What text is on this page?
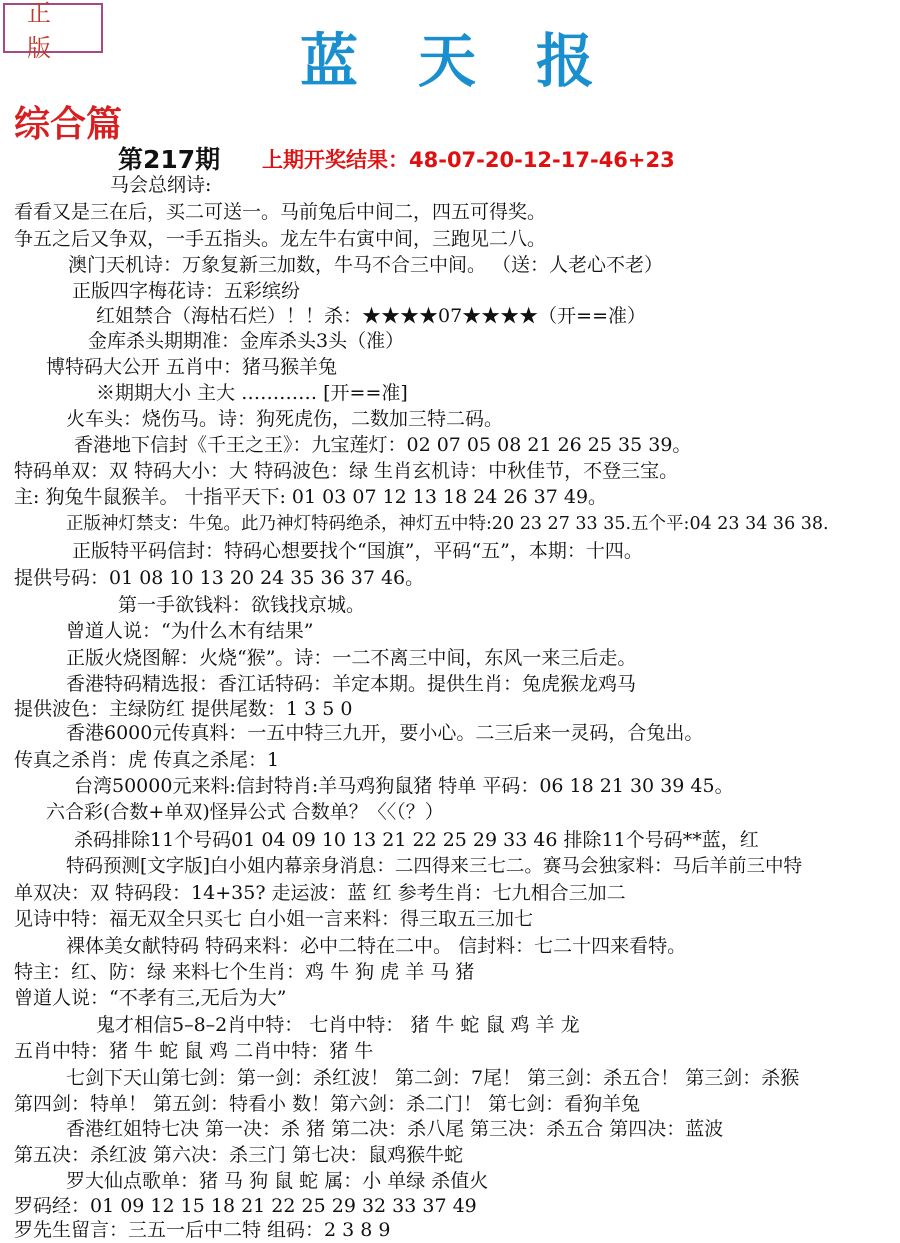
正版	蓝天报
综合篇
第217期 上期开奖结果：48-07-20-12-17-46+23
马会总纲诗:
看看又是三在后，买二可送一。马前兔后中间二，四五可得奖。
争五之后又争双，一手五指头。龙左牛右寅中间，三跑见二八。
澳门天机诗：万象复新三加数，牛马不合三中间。 （送：人老心不老）
正版四字梅花诗：五彩缤纷
红姐禁合（海枯石烂）！！杀：★★★★07★★★★（开==准）
金库杀头期期准：金库杀头3头（准）
博特码大公开 五肖中：猪马猴羊兔
※期期大小 主大 ………… [开==准]
火车头：烧伤马。诗：狗死虎伤，二数加三特二码。
香港地下信封《千王之王》：九宝莲灯：02 07 05 08 21 26 25 35 39。
特码单双：双 特码大小：大 特码波色：绿 生肖玄机诗：中秋佳节，不登三宝。
主: 狗兔牛鼠猴羊。 十指平天下: 01 03 07 12 13 18 24 26 37 49。
正版神灯禁支：牛兔。此乃神灯特码绝杀，神灯五中特:20 23 27 33 35.五个平:04 23 34 36 38.
正版特平码信封：特码心想要找个“国旗”，平码“五”，本期：十四。
提供号码：01 08 10 13 20 24 35 36 37 46。
第一手欲钱料：欲钱找京城。
曾道人说：“为什么木有结果”
正版火烧图解：火烧“猴”。诗：一二不离三中间，东风一来三后走。
香港特码精选报：香江话特码：羊定本期。提供生肖：兔虎猴龙鸡马
提供波色：主绿防红 提供尾数：1 3 5 0
香港6000元传真料：一五中特三九开，要小心。二三后来一灵码，合兔出。
传真之杀肖：虎 传真之杀尾：1
台湾50000元来料:信封特肖:羊马鸡狗鼠猪 特单 平码：06 18 21 30 39 45。
六合彩(合数+单双)怪异公式 合数单？〈〈（？）
杀码排除11个号码01 04 09 10 13 21 22 25 29 33 46 排除11个号码**蓝，红
特码预测[文字版]白小姐内幕亲身消息：二四得来三七二。赛马会独家料：马后羊前三中特
单双决：双 特码段：14+35? 走运波：蓝 红 参考生肖：七九相合三加二
见诗中特：福无双全只买七 白小姐一言来料：得三取五三加七
裸体美女献特码 特码来料：必中二特在二中。 信封料：七二十四来看特。
特主：红、防：绿 来料七个生肖：鸡 牛 狗 虎 羊 马 猪
曾道人说：“不孝有三,无后为大”
鬼才相信5–8–2肖中特： 七肖中特： 猪 牛 蛇 鼠 鸡 羊 龙
五肖中特：猪 牛 蛇 鼠 鸡 二肖中特：猪 牛
七剑下天山第七剑：第一剑：杀红波！ 第二剑：7尾！ 第三剑：杀五合！ 第三剑：杀猴
第四剑：特单！ 第五剑：特看小 数！第六剑：杀二门！ 第七剑：看狗羊兔
香港红姐特七决 第一决：杀 猪 第二决：杀八尾 第三决：杀五合 第四决：蓝波
第五决：杀红波 第六决：杀三门 第七决：鼠鸡猴牛蛇
罗大仙点歌单：猪 马 狗 鼠 蛇 属：小 单绿 杀值火
罗码经：01 09 12 15 18 21 22 25 29 32 33 37 49
罗先生留言：三五一后中二特 组码：2 3 8 9
